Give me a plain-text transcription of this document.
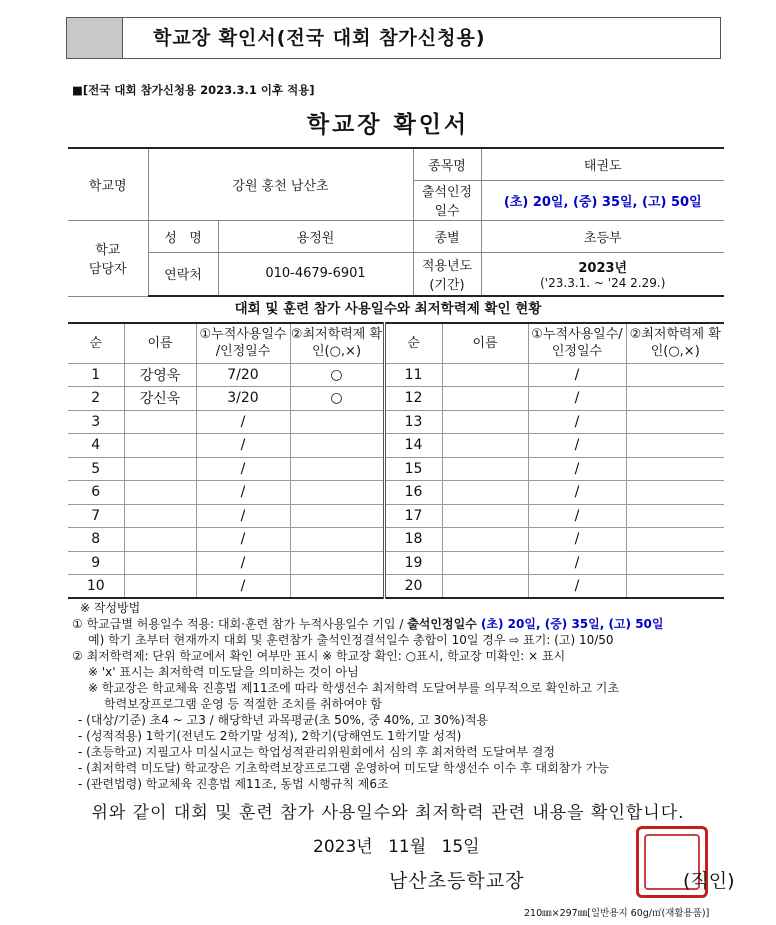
학교장 확인서(전국 대회 참가신청용)
■[전국 대회 참가신청용 2023.3.1 이후 적용]
학교장 확인서
학교명	강원 홍천 남산초		종목명	태권도
			출석인정 일수	(초) 20일, (중) 35일, (고) 50일
학교 담당자	성   명	용정원	종별	초등부
	연락처	010-4679-6901	적용년도 (기간)	2023년
('23.3.1. ~ '24 2.29.)
대회 및 훈련 참가 사용일수와 최저학력제 확인 현황
순	이름	①누적사용일수 /인정일수	②최저학력제 확인(○,×)	순	이름	①누적사용일수/ 인정일수	②최저학력제 확인(○,×)
1	강영욱	7/20	○	11		/	
2	강신욱	3/20	○	12		/	
3		/		13		/	
4		/		14		/	
5		/		15		/	
6		/		16		/	
7		/		17		/	
8		/		18		/	
9		/		19		/	
10		/		20		/	

※ 작성방법

① 학교급별 허용일수 적용: 대회·훈련 참가 누적사용일수 기입 / 출석인정일수 (초) 20일, (중) 35일, (고) 50일

예) 학기 초부터 현재까지 대회 및 훈련참가 출석인정결석일수 총합이 10일 경우 ⇨ 표기: (고) 10/50

② 최저학력제: 단위 학교에서 확인 여부만 표시 ※ 학교장 확인: ○표시, 학교장 미확인: × 표시

※ 'x' 표시는 최저학력 미도달을 의미하는 것이 아님

※ 학교장은 학교체육 진흥법 제11조에 따라 학생선수 최저학력 도달여부를 의무적으로 확인하고 기초

학력보장프로그램 운영 등 적절한 조치를 취하여야 함

- (대상/기준) 초4 ~ 고3 / 해당학년 과목평균(초 50%, 중 40%, 고 30%)적용

- (성적적용) 1학기(전년도 2학기말 성적), 2학기(당해연도 1학기말 성적)

- (초등학교) 지필고사 미실시교는 학업성적관리위원회에서 심의 후 최저학력 도달여부 결정

- (최저학력 미도달) 학교장은 기초학력보장프로그램 운영하여 미도달 학생선수 이수 후 대회참가 가능

- (관련법령) 학교체육 진흥법 제11조, 동법 시행규칙 제6조

위와 같이 대회 및 훈련 참가 사용일수와 최저학력 관련 내용을 확인합니다.
2023년 11월 15일
남산초등학교장	(직인)
210㎜×297㎜[일반용지 60g/㎡(재활용품)]
